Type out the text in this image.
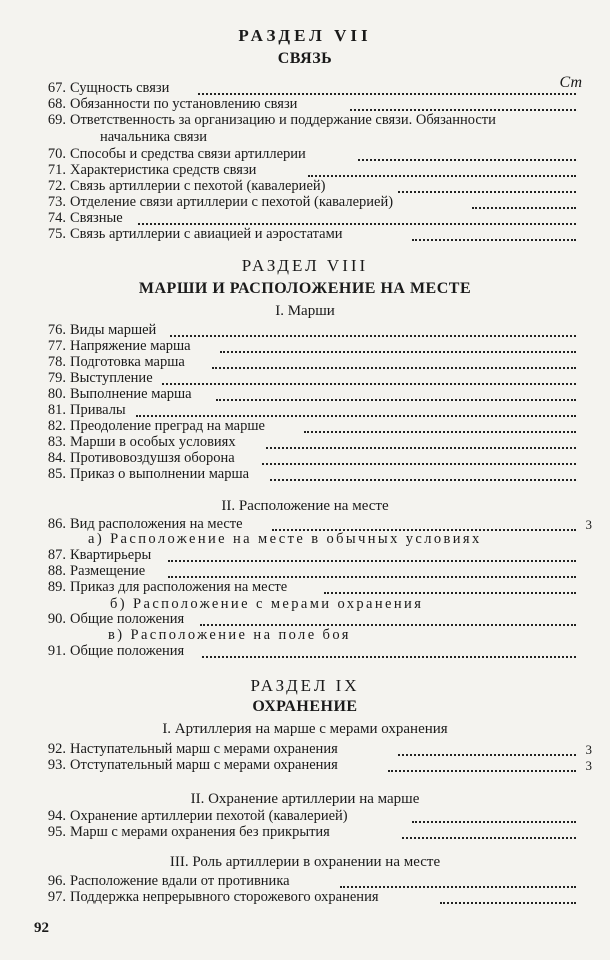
РАЗДЕЛ VII
СВЯЗЬ
Ст
67. Сущность связи
68. Обязанности по установлению связи
69. Ответственность за организацию и поддержание связи. Обязанности
начальника связи
70. Способы и средства связи артиллерии
71. Характеристика средств связи
72. Связь артиллерии с пехотой (кавалерией)
73. Отделение связи артиллерии с пехотой (кавалерией)
74. Связные
75. Связь артиллерии с авиацией и аэростатами
РАЗДЕЛ VIII
МАРШИ И РАСПОЛОЖЕНИЕ НА МЕСТЕ
I. Марши
76. Виды маршей
77. Напряжение марша
78. Подготовка марша
79. Выступление
80. Выполнение марша
81. Привалы
82. Преодоление преград на марше
83. Марши в особых условиях
84. Противовоздушзя оборона
85. Приказ о выполнении марша
II. Расположение на месте
86. Вид расположения на месте	3
а) Расположение на месте в обычных условиях
87. Квартирьеры
88. Размещение
89. Приказ для расположения на месте
б) Расположение с мерами охранения
90. Общие положения
в) Расположение на поле боя
91. Общие положения
РАЗДЕЛ IX
ОХРАНЕНИЕ
I. Артиллерия на марше с мерами охранения
92. Наступательный марш с мерами охранения	3
93. Отступательный марш с мерами охранения	3
II. Охранение артиллерии на марше
94. Охранение артиллерии пехотой (кавалерией)
95. Марш с мерами охранения без прикрытия
III. Роль артиллерии в охранении на месте
96. Расположение вдали от противника
97. Поддержка непрерывного сторожевого охранения
92
